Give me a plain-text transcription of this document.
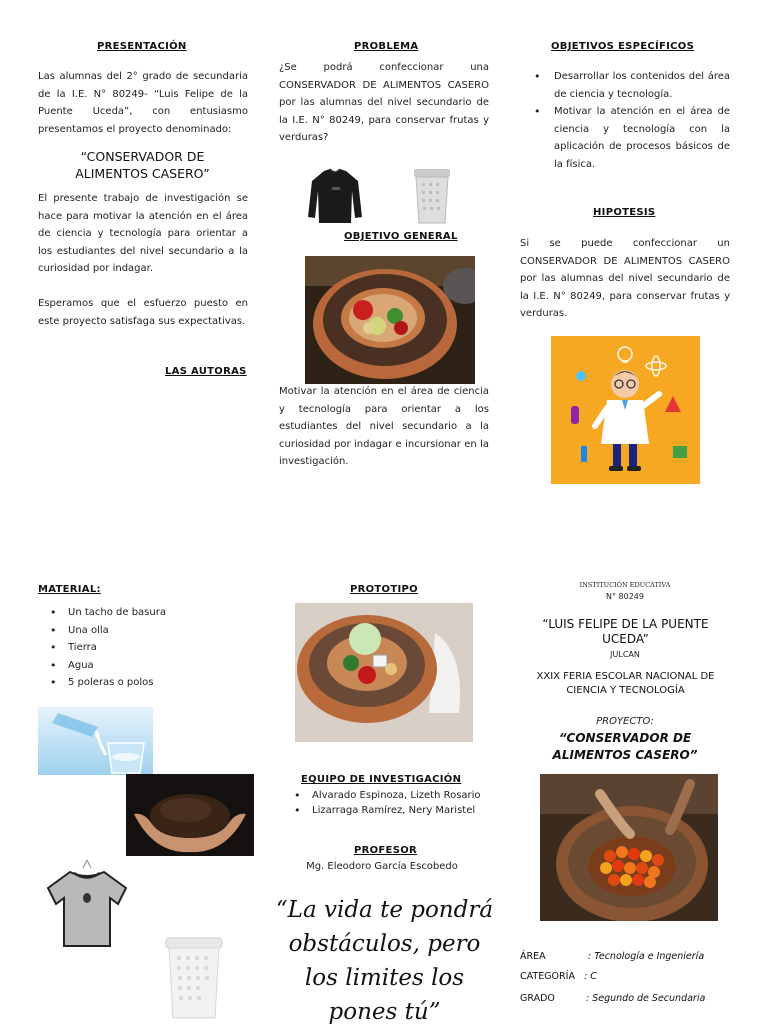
PRESENTACIÓN
Las alumnas del 2° grado de secundaria de la I.E. N° 80249- “Luis Felipe de la Puente Uceda”, con entusiasmo presentamos el proyecto denominado:
“CONSERVADOR DE ALIMENTOS CASERO”
El presente trabajo de investigación se hace para motivar la atención en el área de ciencia y tecnología para orientar a los estudiantes del nivel secundario a la curiosidad por indagar.
Esperamos que el esfuerzo puesto en este proyecto satisfaga sus expectativas.
LAS AUTORAS
PROBLEMA
¿Se podrá confeccionar una CONSERVADOR DE ALIMENTOS CASERO por las alumnas del nivel secundario de la I.E. N° 80249, para conservar frutas y verduras?
OBJETIVO GENERAL
Motivar la atención en el área de ciencia y tecnología para orientar a los estudiantes del nivel secundario a la curiosidad por indagar e incursionar en la investigación.
OBJETIVOS ESPECÍFICOS
• Desarrollar los contenidos del área de ciencia y tecnología.
• Motivar la atención en el área de ciencia y tecnología con la aplicación de procesos básicos de la física.
HIPOTESIS
Si se puede confeccionar un CONSERVADOR DE ALIMENTOS CASERO por las alumnas del nivel secundario de la I.E. N° 80249, para conservar frutas y verduras.
MATERIAL:
• Un tacho de basura
• Una olla
• Tierra
• Agua
• 5 poleras o polos
PROTOTIPO
EQUIPO DE INVESTIGACIÓN
• Alvarado Espinoza, Lizeth Rosario
• Lizarraga Ramírez, Nery Maristel
PROFESOR
Mg. Eleodoro García Escobedo
“La vida te pondrá obstáculos, pero los limites los pones tú”
INSTITUCIÓN EDUCATIVA
N° 80249
“LUIS FELIPE DE LA PUENTE UCEDA”
JULCAN
XXIX FERIA ESCOLAR NACIONAL DE CIENCIA Y TECNOLOGÍA
PROYECTO:
“CONSERVADOR DE ALIMENTOS CASERO”
ÁREA	: Tecnología e Ingeniería
CATEGORÍA : C
GRADO	: Segundo de Secundaria
